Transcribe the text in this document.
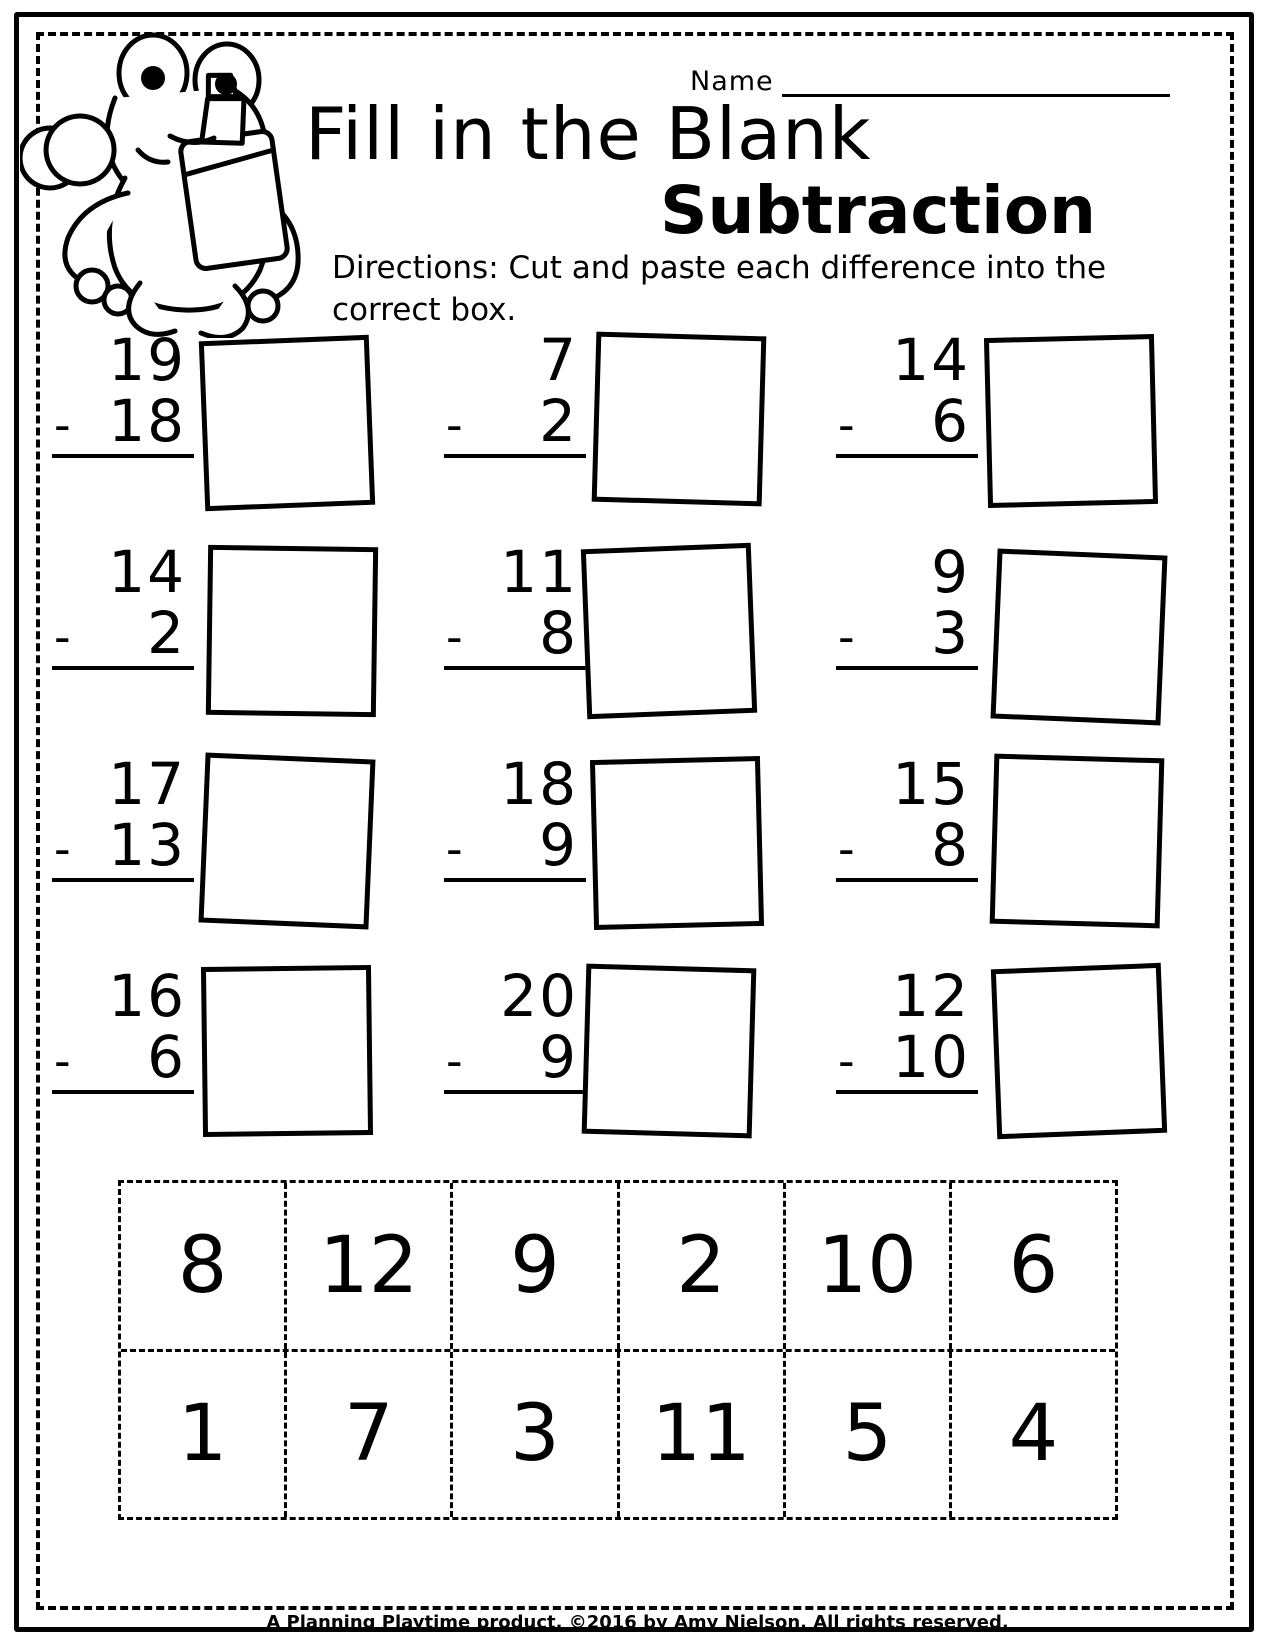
Name
Fill in the Blank
Subtraction
Directions: Cut and paste each difference into the correct box.
19
- 18
7
- 2
14
- 6
14
- 2
11
- 8
9
- 3
17
- 13
18
- 9
15
- 8
16
- 6
20
- 9
12
- 10
8	12	9	2	10	6
1	7	3	11	5	4
A Planning Playtime product. ©2016 by Amy Nielson. All rights reserved.
